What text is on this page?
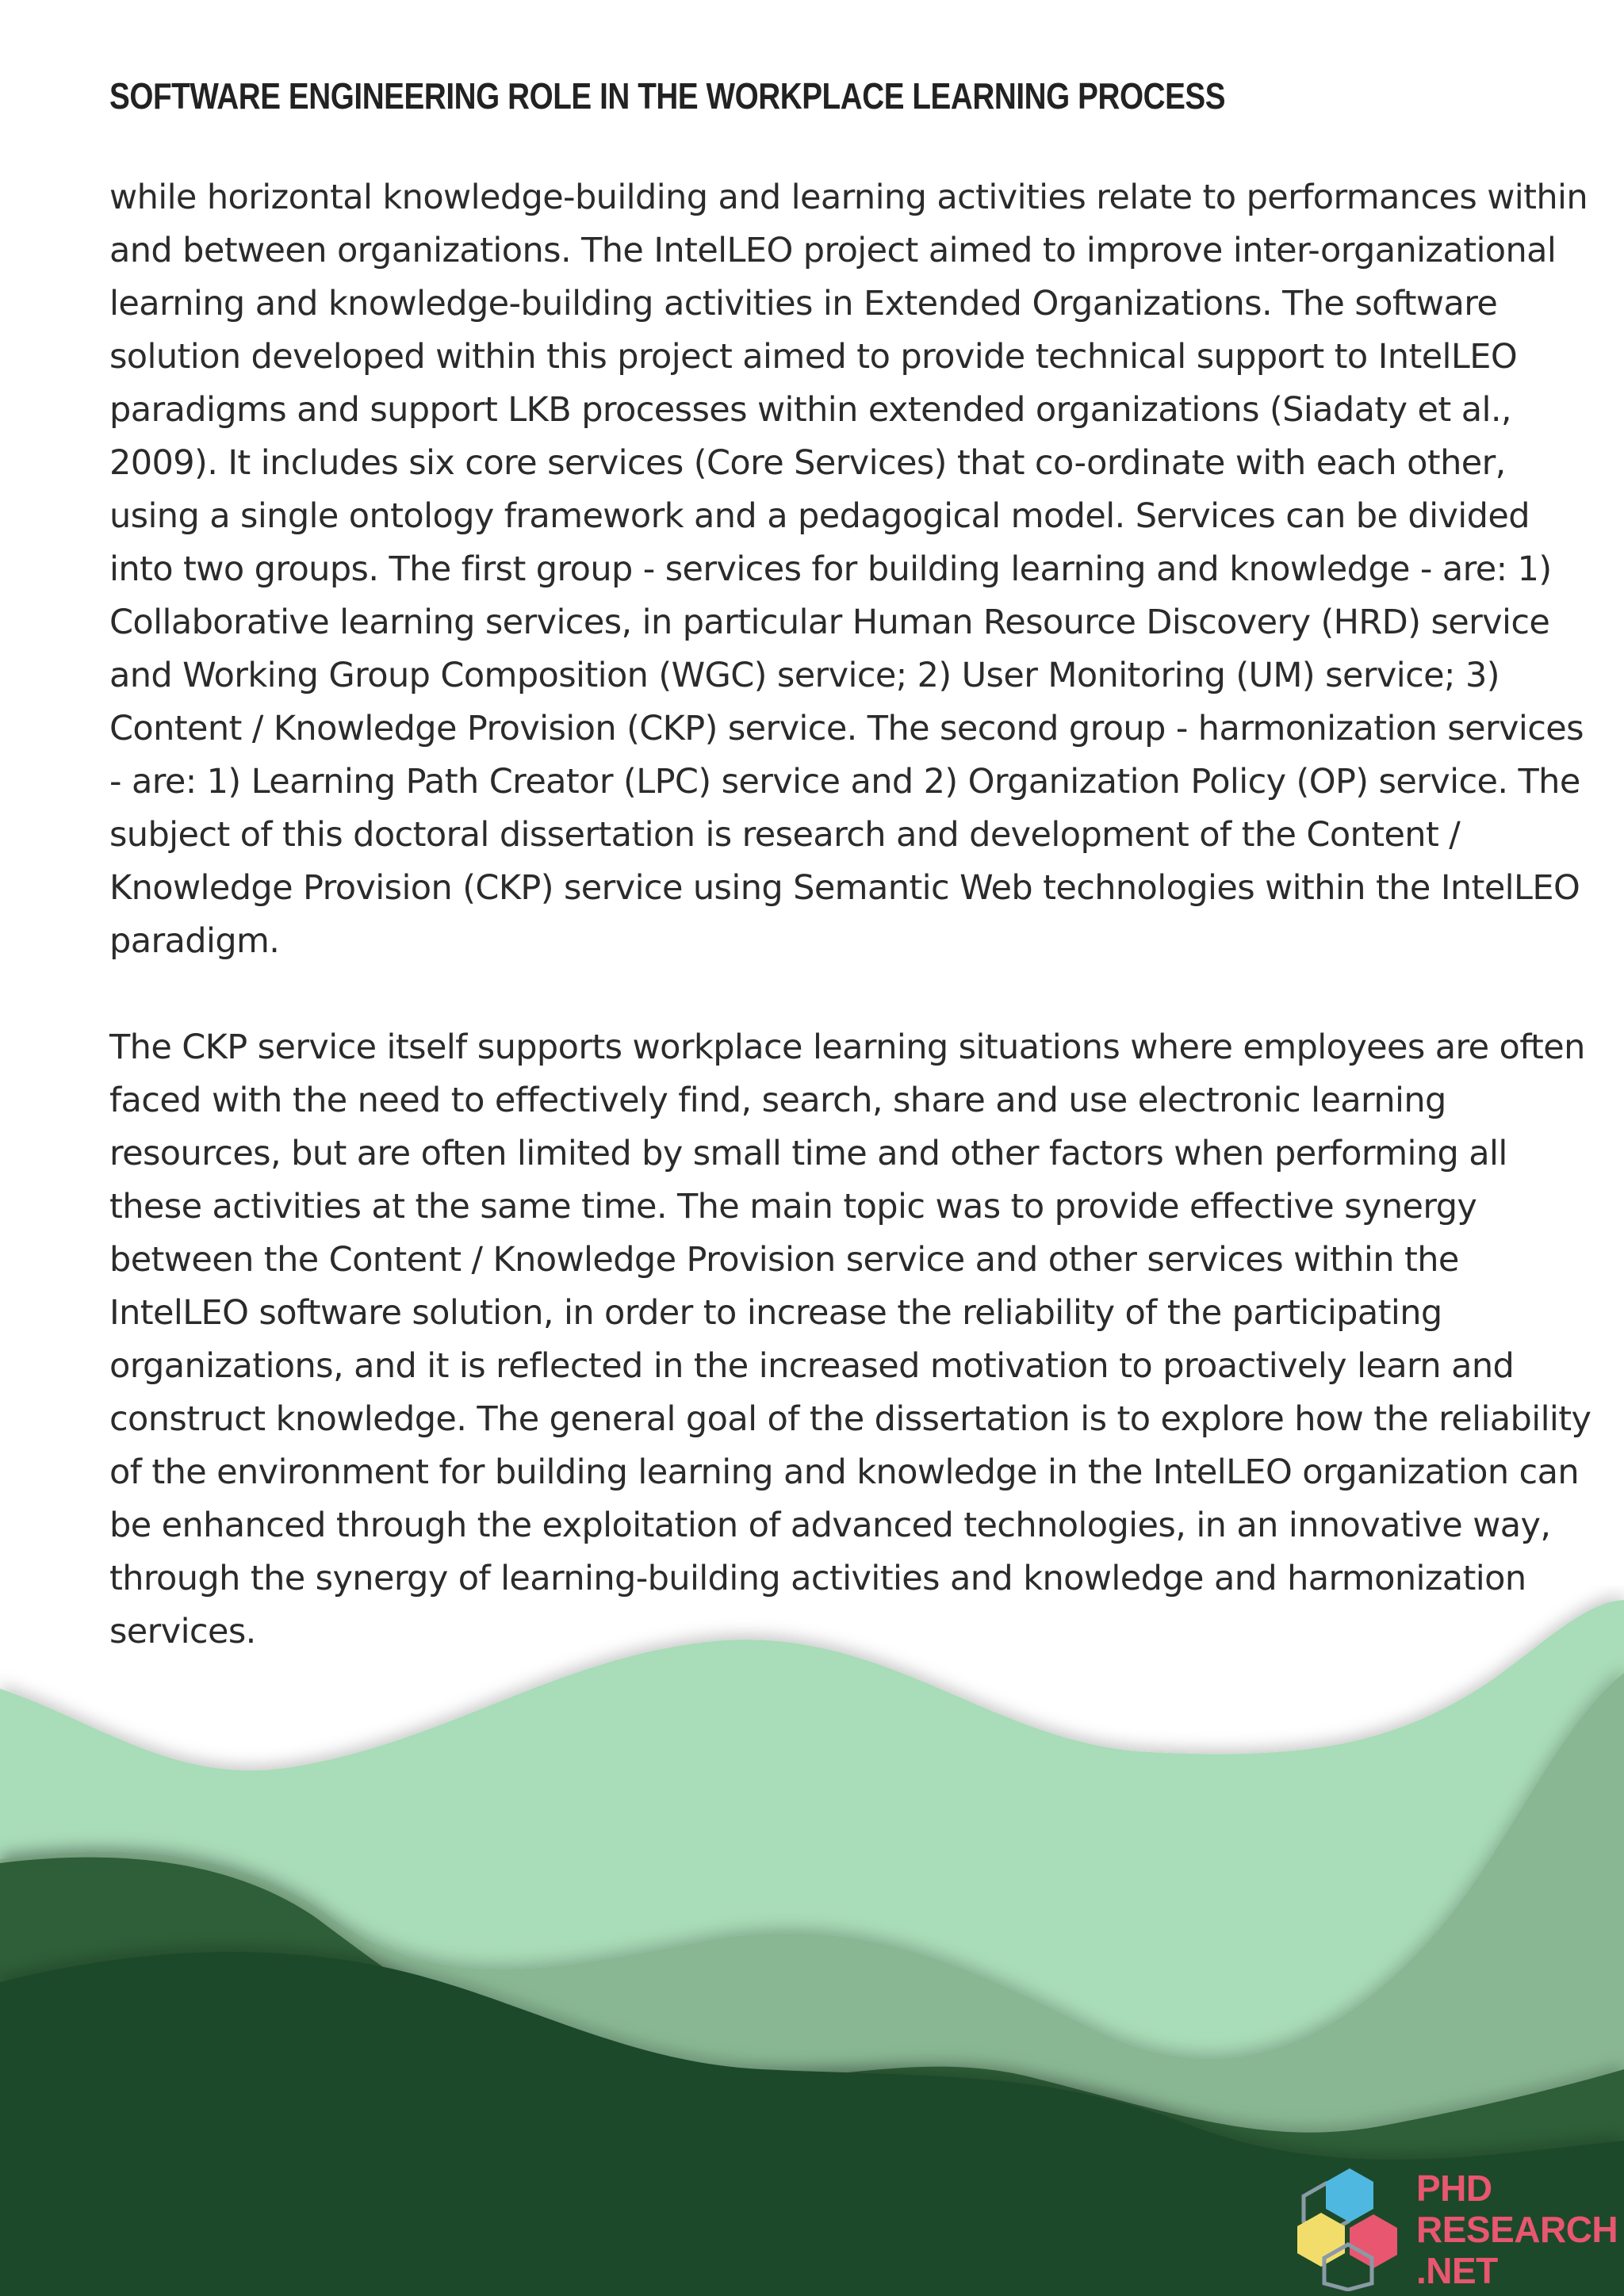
SOFTWARE ENGINEERING ROLE IN THE WORKPLACE LEARNING PROCESS

while horizontal knowledge-building and learning activities relate to performances within and between organizations. The IntelLEO project aimed to improve inter-organizational learning and knowledge-building activities in Extended Organizations. The software solution developed within this project aimed to provide technical support to IntelLEO paradigms and support LKB processes within extended organizations (Siadaty et al., 2009). It includes six core services (Core Services) that co-ordinate with each other, using a single ontology framework and a pedagogical model. Services can be divided into two groups. The first group - services for building learning and knowledge - are: 1) Collaborative learning services, in particular Human Resource Discovery (HRD) service and Working Group Composition (WGC) service; 2) User Monitoring (UM) service; 3) Content / Knowledge Provision (CKP) service. The second group - harmonization services - are: 1) Learning Path Creator (LPC) service and 2) Organization Policy (OP) service. The subject of this doctoral dissertation is research and development of the Content / Knowledge Provision (CKP) service using Semantic Web technologies within the IntelLEO paradigm.

The CKP service itself supports workplace learning situations where employees are often faced with the need to effectively find, search, share and use electronic learning resources, but are often limited by small time and other factors when performing all these activities at the same time. The main topic was to provide effective synergy between the Content / Knowledge Provision service and other services within the IntelLEO software solution, in order to increase the reliability of the participating organizations, and it is reflected in the increased motivation to proactively learn and construct knowledge. The general goal of the dissertation is to explore how the reliability of the environment for building learning and knowledge in the IntelLEO organization can be enhanced through the exploitation of advanced technologies, in an innovative way, through the synergy of learning-building activities and knowledge and harmonization services.

PHD
RESEARCH
.NET
